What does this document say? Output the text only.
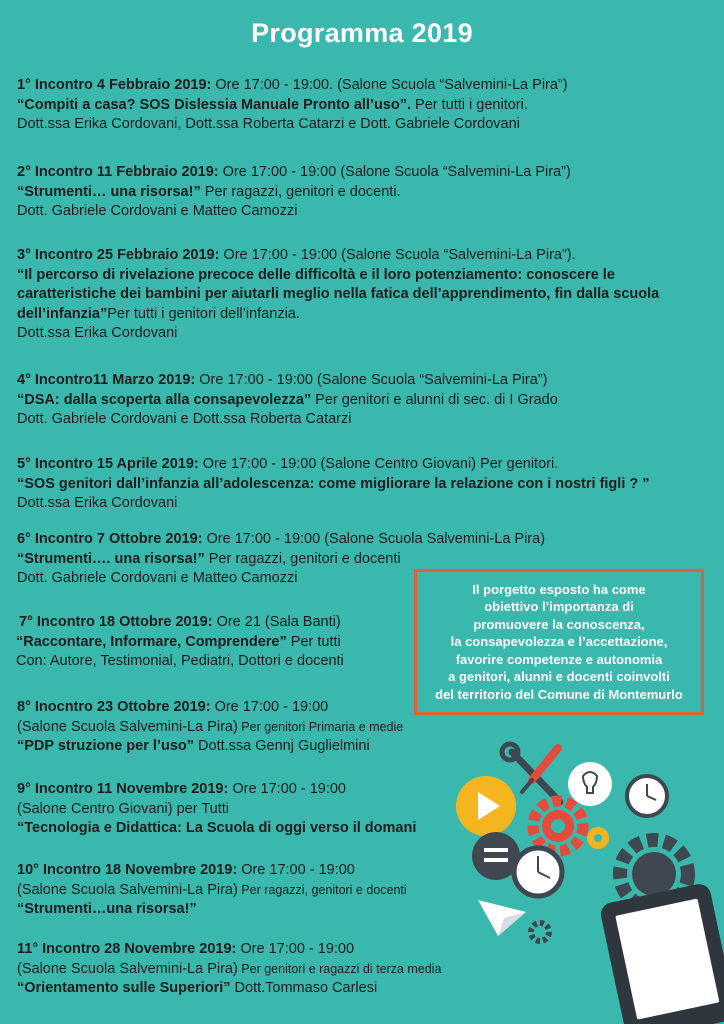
Programma 2019
1° Incontro 4 Febbraio 2019: Ore 17:00 - 19:00. (Salone Scuola “Salvemini-La Pira”)
“Compiti a casa? SOS Dislessia Manuale Pronto all’uso”. Per tutti i genitori.
Dott.ssa Erika Cordovani, Dott.ssa Roberta Catarzi e Dott. Gabriele Cordovani
2° Incontro 11 Febbraio 2019: Ore 17:00 - 19:00 (Salone Scuola “Salvemini-La Pira”)
“Strumenti… una risorsa!” Per ragazzi, genitori e docenti.
Dott. Gabriele Cordovani e Matteo Camozzi
3° Incontro 25 Febbraio 2019: Ore 17:00 - 19:00 (Salone Scuola “Salvemini-La Pira”).
“Il percorso di rivelazione precoce delle difficoltà e il loro potenziamento: conoscere le
caratteristiche dei bambini per aiutarli meglio nella fatica dell’apprendimento, fin dalla scuola
dell’infanzia”Per tutti i genitori dell’infanzia.
Dott.ssa Erika Cordovani
4° Incontro11 Marzo 2019: Ore 17:00 - 19:00 (Salone Scuola “Salvemini-La Pira”)
“DSA: dalla scoperta alla consapevolezza” Per genitori e alunni di sec. di I Grado
Dott. Gabriele Cordovani e Dott.ssa Roberta Catarzi
5° Incontro 15 Aprile 2019: Ore 17:00 - 19:00 (Salone Centro Giovani) Per genitori.
“SOS genitori dall’infanzia all’adolescenza: come migliorare la relazione con i nostri figli ? ”
Dott.ssa Erika Cordovani
6° Incontro 7 Ottobre 2019: Ore 17:00 - 19:00 (Salone Scuola Salvemini-La Pira)
“Strumenti…. una risorsa!” Per ragazzi, genitori e docenti
Dott. Gabriele Cordovani e Matteo Camozzi
7° Incontro 18 Ottobre 2019: Ore 21 (Sala Banti)
“Raccontare, Informare, Comprendere” Per tutti
Con: Autore, Testimonial, Pediatri, Dottori e docenti
8° Inocntro 23 Ottobre 2019: Ore 17:00 - 19:00
(Salone Scuola Salvemini-La Pira) Per genitori Primaria e medie
“PDP struzione per l’uso” Dott.ssa Gennj Guglielmini
9° Incontro 11 Novembre 2019: Ore 17:00 - 19:00
(Salone Centro Giovani) per Tutti
“Tecnologia e Didattica: La Scuola di oggi verso il domani
10° Incontro 18 Novembre 2019: Ore 17:00 - 19:00
(Salone Scuola Salvemini-La Pira) Per ragazzi, genitori e docenti
“Strumenti…una risorsa!”
11° Incontro 28 Novembre 2019: Ore 17:00 - 19:00
(Salone Scuola Salvemini-La Pira) Per genitori e ragazzi di terza media
“Orientamento sulle Superiori” Dott.Tommaso Carlesi
Il porgetto esposto ha come
obiettivo l’importanza di
promuovere la conoscenza,
la consapevolezza e l’accettazione,
favorire competenze e autonomia
a genitori, alunni e docenti coinvolti
del territorio del Comune di Montemurlo
